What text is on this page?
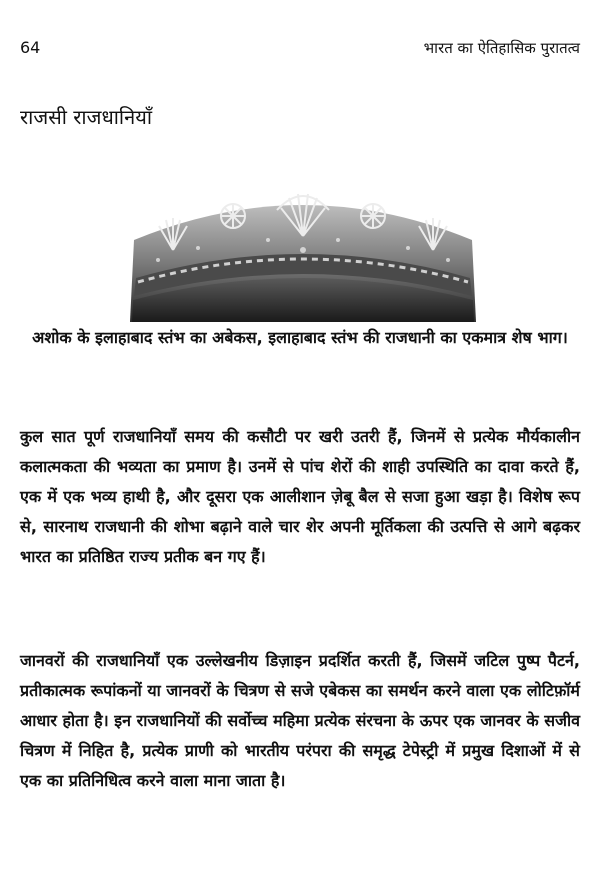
64	भारत का ऐतिहासिक पुरातत्व
राजसी राजधानियाँ
अशोक के इलाहाबाद स्तंभ का अबेकस, इलाहाबाद स्तंभ की राजधानी का एकमात्र शेष भाग।

कुल सात पूर्ण राजधानियाँ समय की कसौटी पर खरी उतरी हैं, जिनमें से प्रत्येक मौर्यकालीन कलात्मकता की भव्यता का प्रमाण है। उनमें से पांच शेरों की शाही उपस्थिति का दावा करते हैं, एक में एक भव्य हाथी है, और दूसरा एक आलीशान ज़ेबू बैल से सजा हुआ खड़ा है। विशेष रूप से, सारनाथ राजधानी की शोभा बढ़ाने वाले चार शेर अपनी मूर्तिकला की उत्पत्ति से आगे बढ़कर भारत का प्रतिष्ठित राज्य प्रतीक बन गए हैं।

जानवरों की राजधानियाँ एक उल्लेखनीय डिज़ाइन प्रदर्शित करती हैं, जिसमें जटिल पुष्प पैटर्न, प्रतीकात्मक रूपांकनों या जानवरों के चित्रण से सजे एबेकस का समर्थन करने वाला एक लोटिफ़ॉर्म आधार होता है। इन राजधानियों की सर्वोच्च महिमा प्रत्येक संरचना के ऊपर एक जानवर के सजीव चित्रण में निहित है, प्रत्येक प्राणी को भारतीय परंपरा की समृद्ध टेपेस्ट्री में प्रमुख दिशाओं में से एक का प्रतिनिधित्व करने वाला माना जाता है।
